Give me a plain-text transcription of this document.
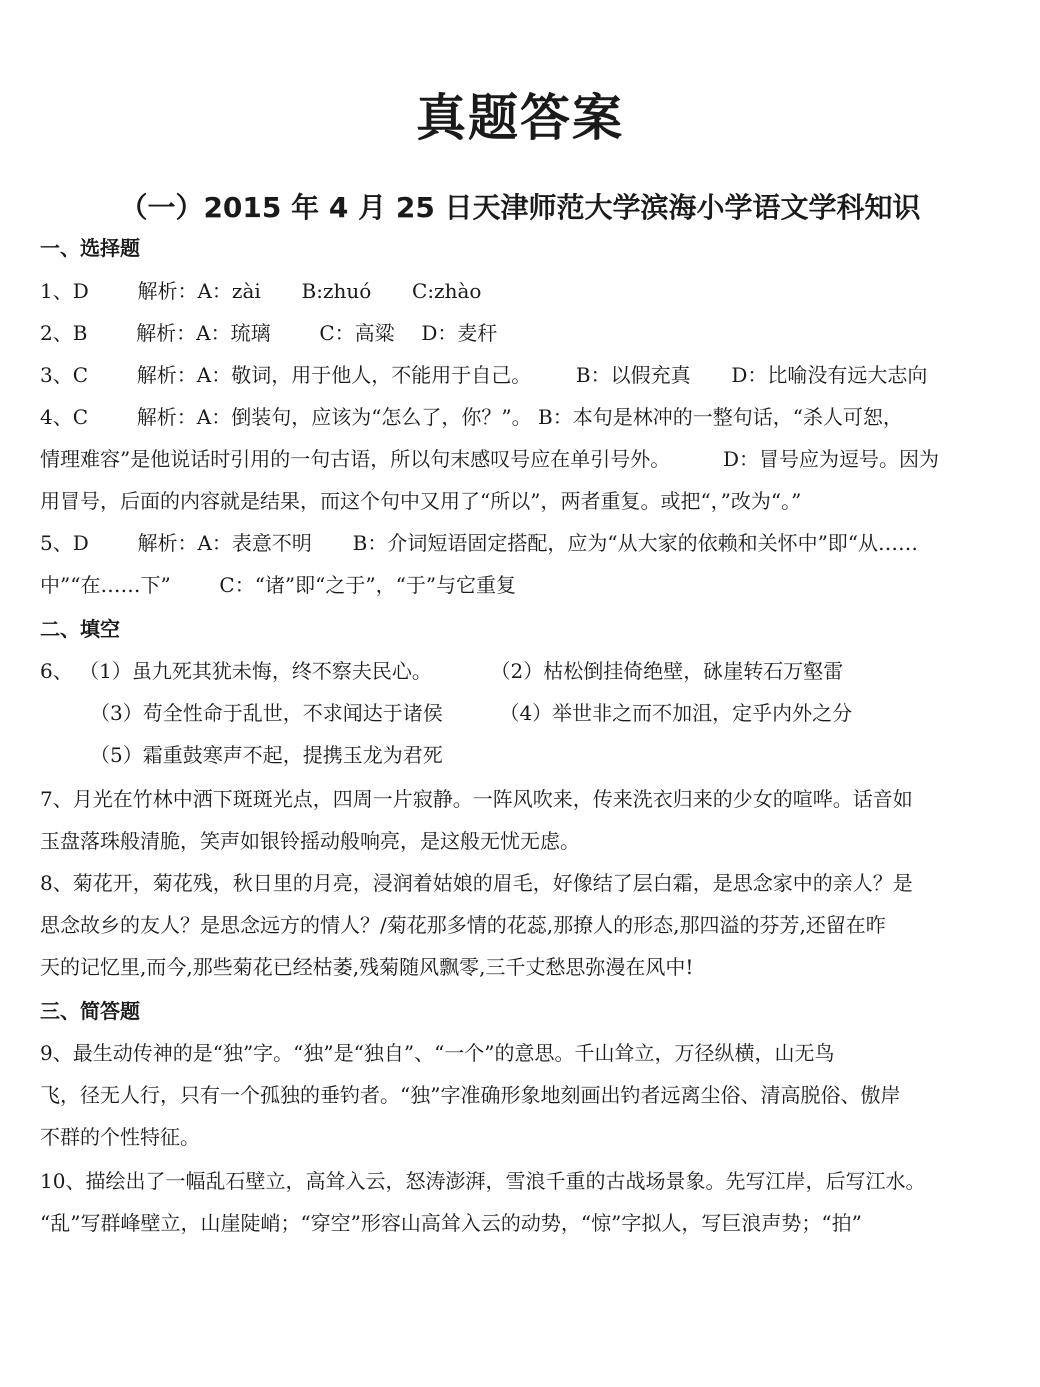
真题答案
（一）2015 年 4 月 25 日天津师范大学滨海小学语文学科知识
一、选择题
1、D 解析：A：zài B:zhuó C:zhào
2、B 解析：A：琉璃 C：高粱 D：麦秆
3、C 解析：A：敬词，用于他人，不能用于自己。 B：以假充真 D：比喻没有远大志向
4、C 解析：A：倒装句，应该为“怎么了，你？”。 B：本句是林冲的一整句话，“杀人可恕，
情理难容”是他说话时引用的一句古语，所以句末感叹号应在单引号外。	D：冒号应为逗号。因为
用冒号，后面的内容就是结果，而这个句中又用了“所以”，两者重复。或把“，”改为“。”
5、D 解析：A：表意不明 B：介词短语固定搭配，应为“从大家的依赖和关怀中”即“从……
中”“在……下” C：“诸”即“之于”，“于”与它重复
二、填空
6、 （1）虽九死其犹未悔，终不察夫民心。	（2）枯松倒挂倚绝壁，砯崖转石万壑雷
（3）苟全性命于乱世，不求闻达于诸侯	（4）举世非之而不加沮，定乎内外之分
（5）霜重鼓寒声不起，提携玉龙为君死
7、月光在竹林中洒下斑斑光点，四周一片寂静。一阵风吹来，传来洗衣归来的少女的喧哗。话音如
玉盘落珠般清脆，笑声如银铃摇动般响亮，是这般无忧无虑。
8、菊花开，菊花残，秋日里的月亮，浸润着姑娘的眉毛，好像结了层白霜，是思念家中的亲人？是
思念故乡的友人？是思念远方的情人？/菊花那多情的花蕊,那撩人的形态,那四溢的芬芳,还留在昨
天的记忆里,而今,那些菊花已经枯萎,残菊随风飘零,三千丈愁思弥漫在风中!
三、简答题
9、最生动传神的是“独”字。“独”是“独自”、“一个”的意思。千山耸立，万径纵横，山无鸟
飞，径无人行，只有一个孤独的垂钓者。“独”字准确形象地刻画出钓者远离尘俗、清高脱俗、傲岸
不群的个性特征。
10、描绘出了一幅乱石壁立，高耸入云，怒涛澎湃，雪浪千重的古战场景象。先写江岸，后写江水。
“乱”写群峰壁立，山崖陡峭；“穿空”形容山高耸入云的动势，“惊”字拟人，写巨浪声势；“拍”
